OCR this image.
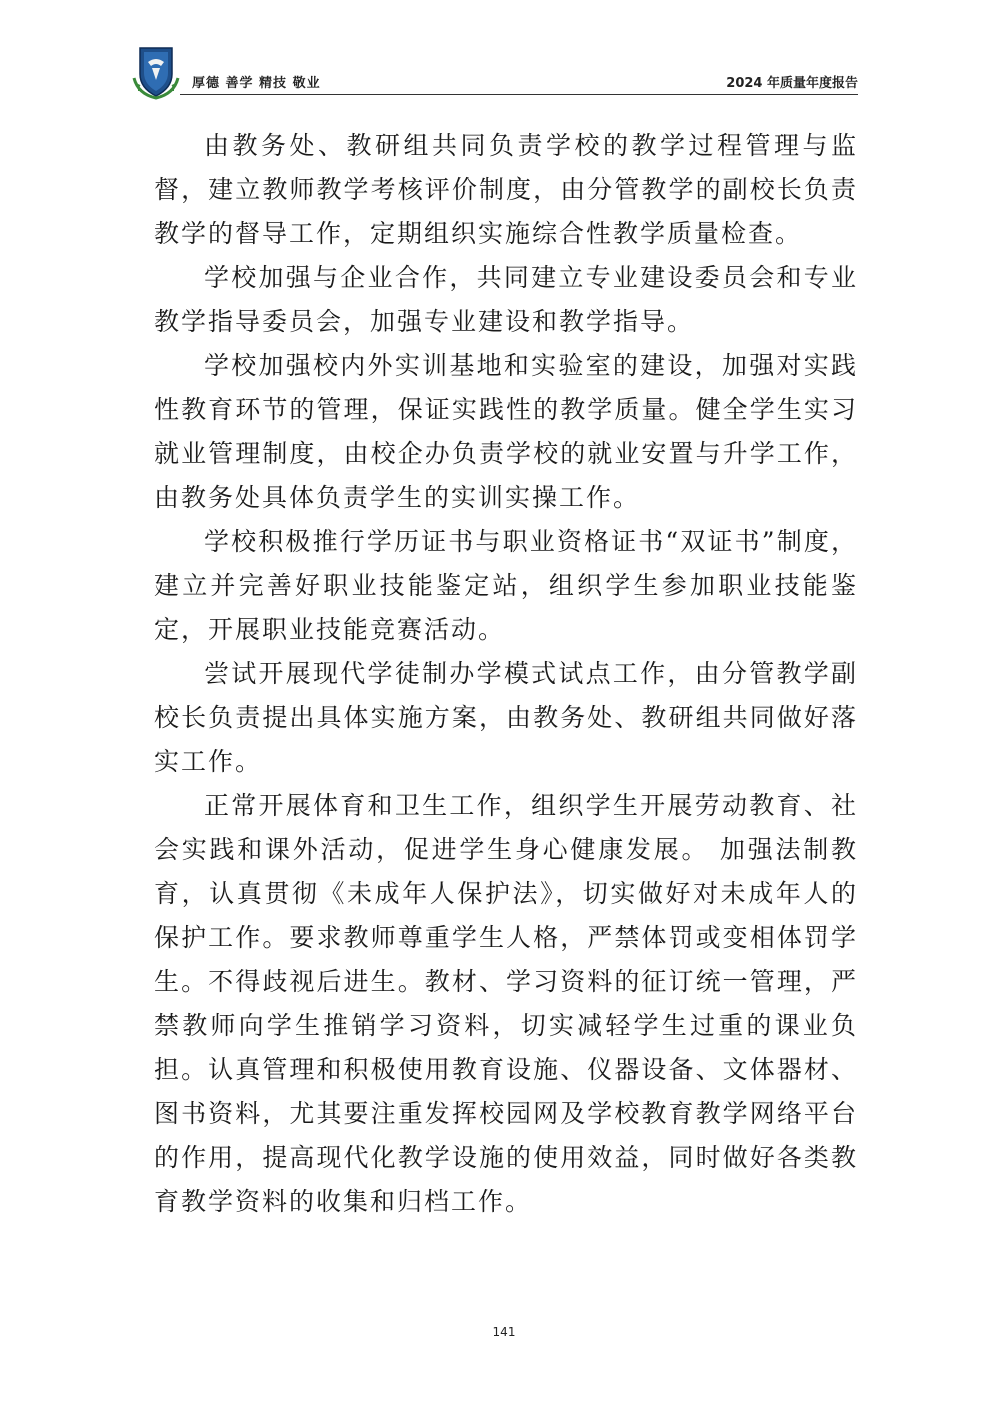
厚德 善学 精技 敬业	2024 年质量年度报告

由教务处、教研组共同负责学校的教学过程管理与监督，建立教师教学考核评价制度，由分管教学的副校长负责教学的督导工作，定期组织实施综合性教学质量检查。

学校加强与企业合作，共同建立专业建设委员会和专业教学指导委员会，加强专业建设和教学指导。

学校加强校内外实训基地和实验室的建设，加强对实践性教育环节的管理，保证实践性的教学质量。健全学生实习就业管理制度，由校企办负责学校的就业安置与升学工作，由教务处具体负责学生的实训实操工作。

学校积极推行学历证书与职业资格证书“双证书”制度，建立并完善好职业技能鉴定站，组织学生参加职业技能鉴定，开展职业技能竞赛活动。

尝试开展现代学徒制办学模式试点工作，由分管教学副校长负责提出具体实施方案，由教务处、教研组共同做好落实工作。

正常开展体育和卫生工作，组织学生开展劳动教育、社会实践和课外活动，促进学生身心健康发展。 加强法制教育，认真贯彻《未成年人保护法》，切实做好对未成年人的保护工作。要求教师尊重学生人格，严禁体罚或变相体罚学生。不得歧视后进生。教材、学习资料的征订统一管理，严禁教师向学生推销学习资料，切实减轻学生过重的课业负担。认真管理和积极使用教育设施、仪器设备、文体器材、图书资料，尤其要注重发挥校园网及学校教育教学网络平台的作用，提高现代化教学设施的使用效益，同时做好各类教育教学资料的收集和归档工作。

141
